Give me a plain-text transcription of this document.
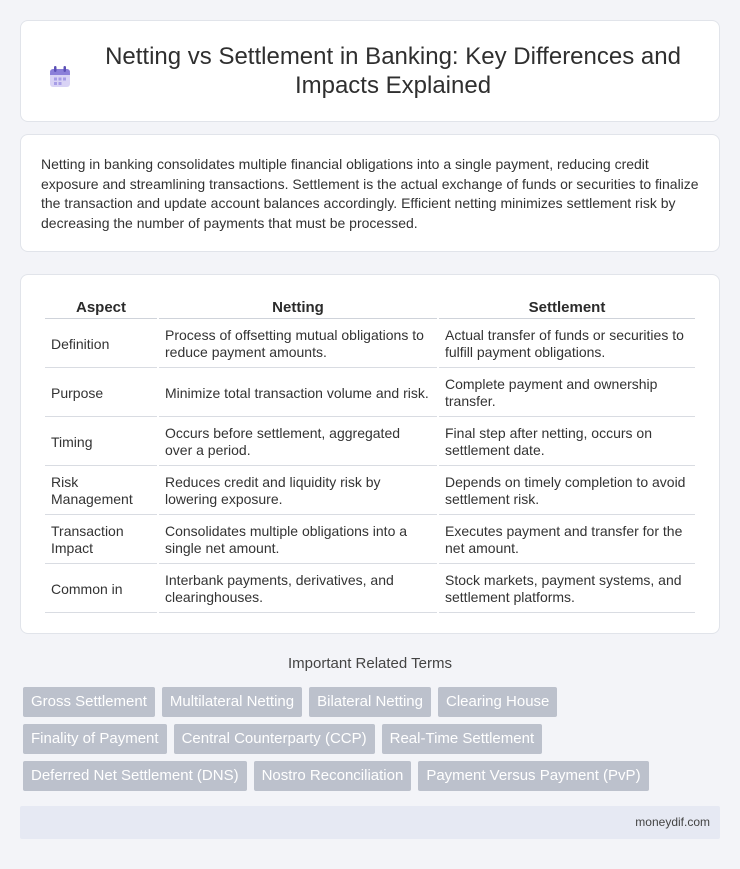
Netting vs Settlement in Banking: Key Differences and Impacts Explained

Netting in banking consolidates multiple financial obligations into a single payment, reducing credit exposure and streamlining transactions. Settlement is the actual exchange of funds or securities to finalize the transaction and update account balances accordingly. Efficient netting minimizes settlement risk by decreasing the number of payments that must be processed.

Aspect	Netting	Settlement
Definition	Process of offsetting mutual obligations to reduce payment amounts.	Actual transfer of funds or securities to fulfill payment obligations.
Purpose	Minimize total transaction volume and risk.	Complete payment and ownership transfer.
Timing	Occurs before settlement, aggregated over a period.	Final step after netting, occurs on settlement date.
Risk Management	Reduces credit and liquidity risk by lowering exposure.	Depends on timely completion to avoid settlement risk.
Transaction Impact	Consolidates multiple obligations into a single net amount.	Executes payment and transfer for the net amount.
Common in	Interbank payments, derivatives, and clearinghouses.	Stock markets, payment systems, and settlement platforms.
Important Related Terms
Gross Settlement	Multilateral Netting	Bilateral Netting	Clearing House
Finality of Payment	Central Counterparty (CCP)	Real-Time Settlement
Deferred Net Settlement (DNS)	Nostro Reconciliation	Payment Versus Payment (PvP)
moneydif.com
